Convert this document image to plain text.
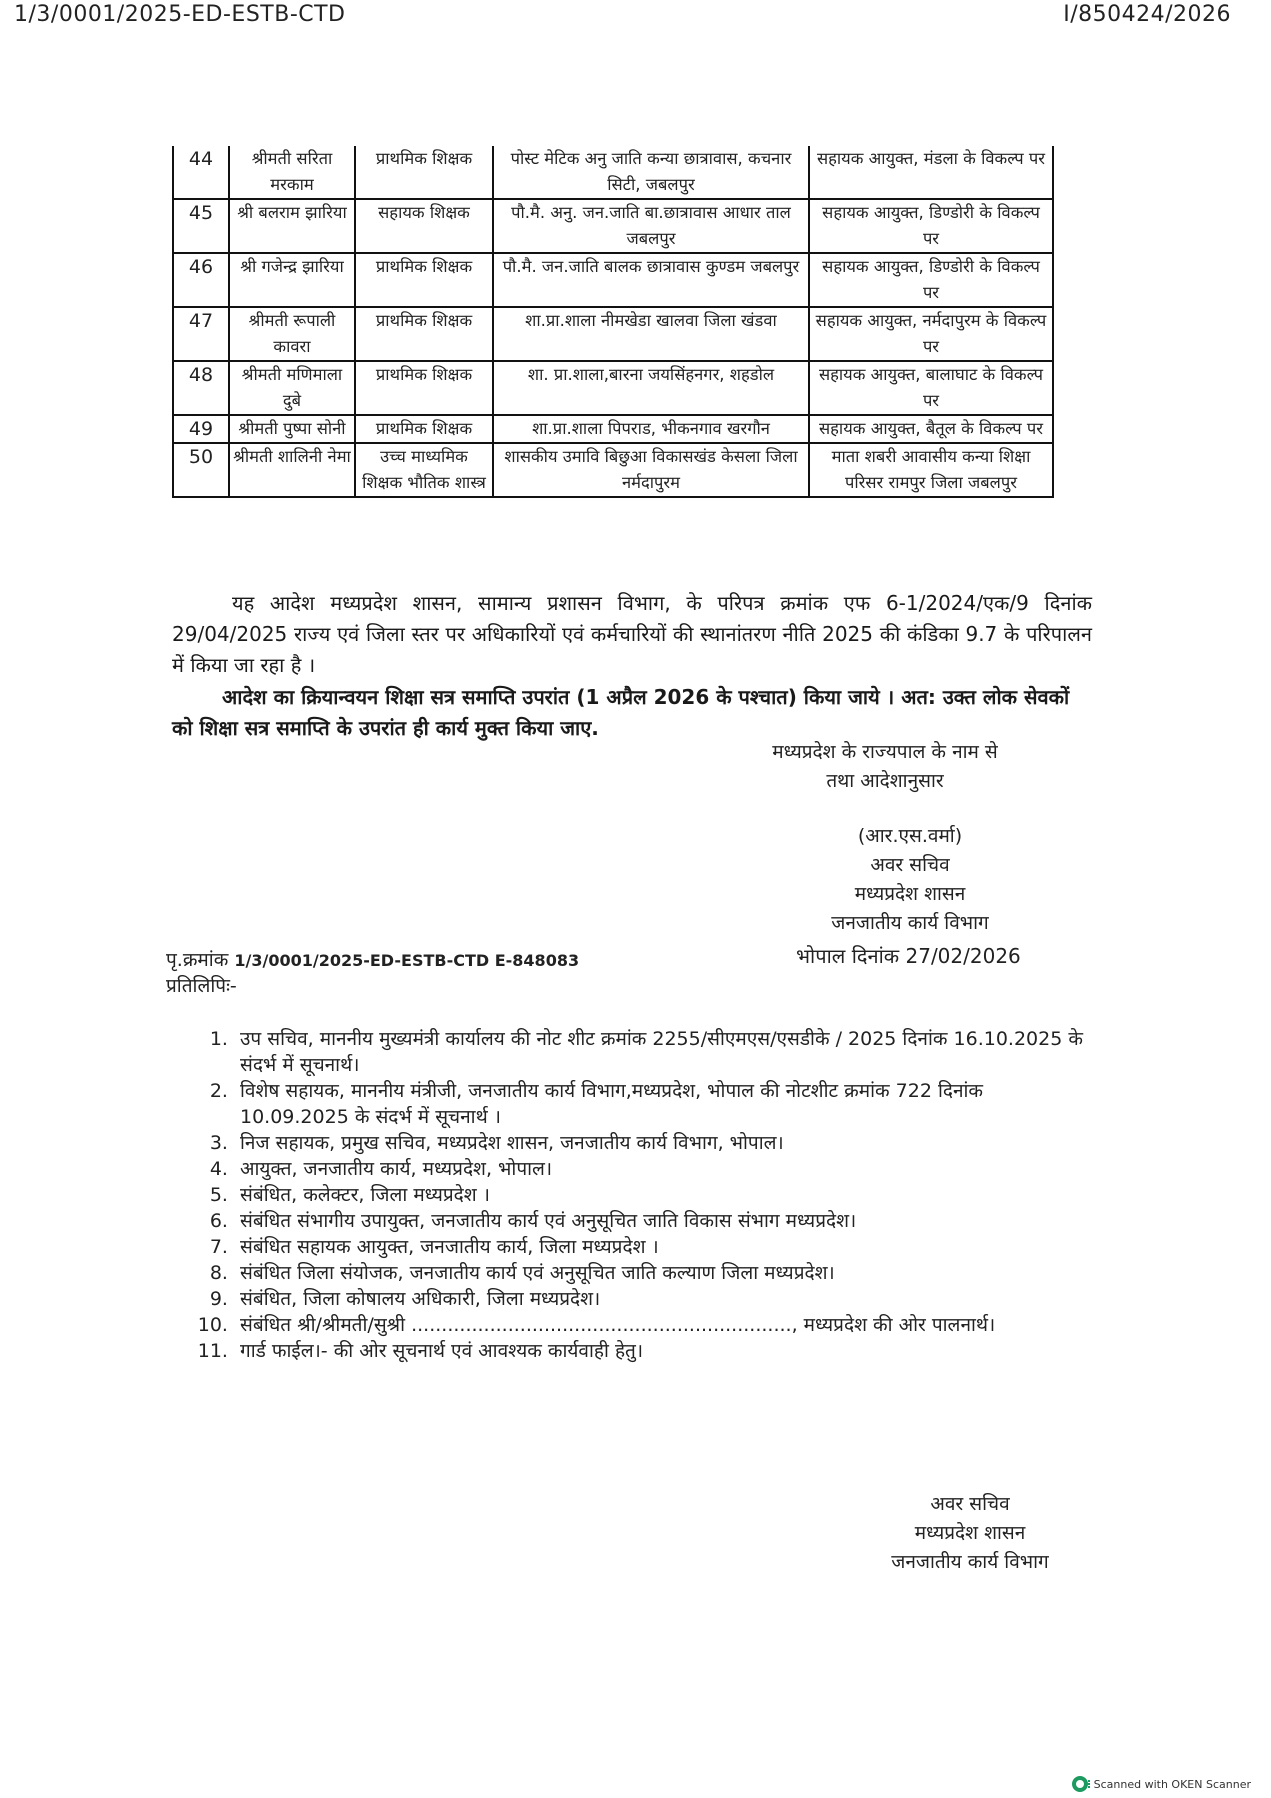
1/3/0001/2025-ED-ESTB-CTD	I/850424/2026
44	श्रीमती सरिता मरकाम	प्राथमिक शिक्षक	पोस्ट मेटिक अनु जाति कन्या छात्रावास, कचनार सिटी, जबलपुर	सहायक आयुक्त, मंडला के विकल्प पर
45	श्री बलराम झारिया	सहायक शिक्षक	पौ.मै. अनु. जन.जाति बा.छात्रावास आधार ताल जबलपुर	सहायक आयुक्त, डिण्डोरी के विकल्प पर
46	श्री गजेन्द्र झारिया	प्राथमिक शिक्षक	पौ.मै. जन.जाति बालक छात्रावास कुण्डम जबलपुर	सहायक आयुक्त, डिण्डोरी के विकल्प पर
47	श्रीमती रूपाली कावरा	प्राथमिक शिक्षक	शा.प्रा.शाला नीमखेडा खालवा जिला खंडवा	सहायक आयुक्त, नर्मदापुरम के विकल्प पर
48	श्रीमती मणिमाला दुबे	प्राथमिक शिक्षक	शा. प्रा.शाला,बारना जयसिंहनगर, शहडोल	सहायक आयुक्त, बालाघाट के विकल्प पर
49	श्रीमती पुष्पा सोनी	प्राथमिक शिक्षक	शा.प्रा.शाला पिपराड, भीकनगाव खरगौन	सहायक आयुक्त, बैतूल के विकल्प पर
50	श्रीमती शालिनी नेमा	उच्च माध्यमिक शिक्षक भौतिक शास्त्र	शासकीय उमावि बिछुआ विकासखंड केसला जिला नर्मदापुरम	माता शबरी आवासीय कन्या शिक्षा परिसर रामपुर जिला जबलपुर
यह आदेश मध्यप्रदेश शासन, सामान्य प्रशासन विभाग, के परिपत्र क्रमांक एफ 6-1/2024/एक/9 दिनांक 29/04/2025 राज्य एवं जिला स्तर पर अधिकारियों एवं कर्मचारियों की स्थानांतरण नीति 2025 की कंडिका 9.7 के परिपालन में किया जा रहा है ।
आदेश का क्रियान्वयन शिक्षा सत्र समाप्ति उपरांत (1 अप्रैल 2026 के पश्चात) किया जाये । अत: उक्त लोक सेवकों को शिक्षा सत्र समाप्ति के उपरांत ही कार्य मुक्त किया जाए.
मध्यप्रदेश के राज्यपाल के नाम से
तथा आदेशानुसार
(आर.एस.वर्मा)
अवर सचिव
मध्यप्रदेश शासन
जनजातीय कार्य विभाग
पृ.क्रमांक 1/3/0001/2025-ED-ESTB-CTD E-848083	भोपाल दिनांक 27/02/2026
प्रतिलिपिः-
1. उप सचिव, माननीय मुख्यमंत्री कार्यालय की नोट शीट क्रमांक 2255/सीएमएस/एसडीके / 2025 दिनांक 16.10.2025 के संदर्भ में सूचनार्थ।
2. विशेष सहायक, माननीय मंत्रीजी, जनजातीय कार्य विभाग,मध्यप्रदेश, भोपाल की नोटशीट क्रमांक 722 दिनांक 10.09.2025 के संदर्भ में सूचनार्थ ।
3. निज सहायक, प्रमुख सचिव, मध्यप्रदेश शासन, जनजातीय कार्य विभाग, भोपाल।
4. आयुक्त, जनजातीय कार्य, मध्यप्रदेश, भोपाल।
5. संबंधित, कलेक्टर, जिला मध्यप्रदेश ।
6. संबंधित संभागीय उपायुक्त, जनजातीय कार्य एवं अनुसूचित जाति विकास संभाग मध्यप्रदेश।
7. संबंधित सहायक आयुक्त, जनजातीय कार्य, जिला मध्यप्रदेश ।
8. संबंधित जिला संयोजक, जनजातीय कार्य एवं अनुसूचित जाति कल्याण जिला मध्यप्रदेश।
9. संबंधित, जिला कोषालय अधिकारी, जिला मध्यप्रदेश।
10. संबंधित श्री/श्रीमती/सुश्री ..............................................................., मध्यप्रदेश की ओर पालनार्थ।
11. गार्ड फाईल।- की ओर सूचनार्थ एवं आवश्यक कार्यवाही हेतु।
अवर सचिव
मध्यप्रदेश शासन
जनजातीय कार्य विभाग
Scanned with OKEN Scanner
